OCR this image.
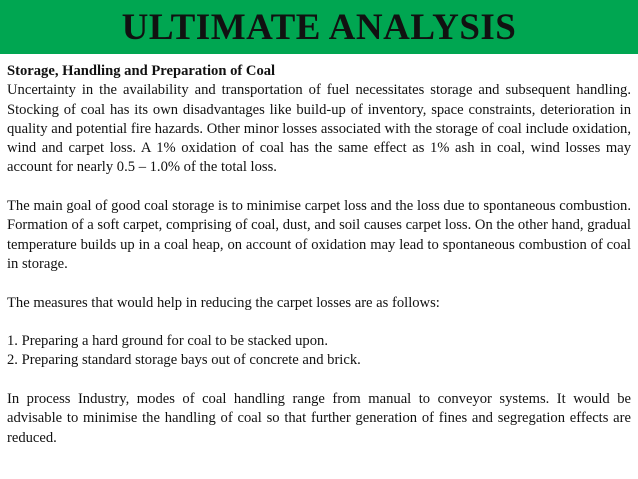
ULTIMATE ANALYSIS

Storage, Handling and Preparation of Coal

Uncertainty in the availability and transportation of fuel necessitates storage and subsequent handling. Stocking of coal has its own disadvantages like build-up of inventory, space constraints, deterioration in quality and potential fire hazards. Other minor losses associated with the storage of coal include oxidation, wind and carpet loss. A 1% oxidation of coal has the same effect as 1% ash in coal, wind losses may account for nearly 0.5 – 1.0% of the total loss.

The main goal of good coal storage is to minimise carpet loss and the loss due to spontaneous combustion. Formation of a soft carpet, comprising of coal, dust, and soil causes carpet loss. On the other hand, gradual temperature builds up in a coal heap, on account of oxidation may lead to spontaneous combustion of coal in storage.

The measures that would help in reducing the carpet losses are as follows:

1. Preparing a hard ground for coal to be stacked upon.

2. Preparing standard storage bays out of concrete and brick.

In process Industry, modes of coal handling range from manual to conveyor systems. It would be advisable to minimise the handling of coal so that further generation of fines and segregation effects are reduced.
